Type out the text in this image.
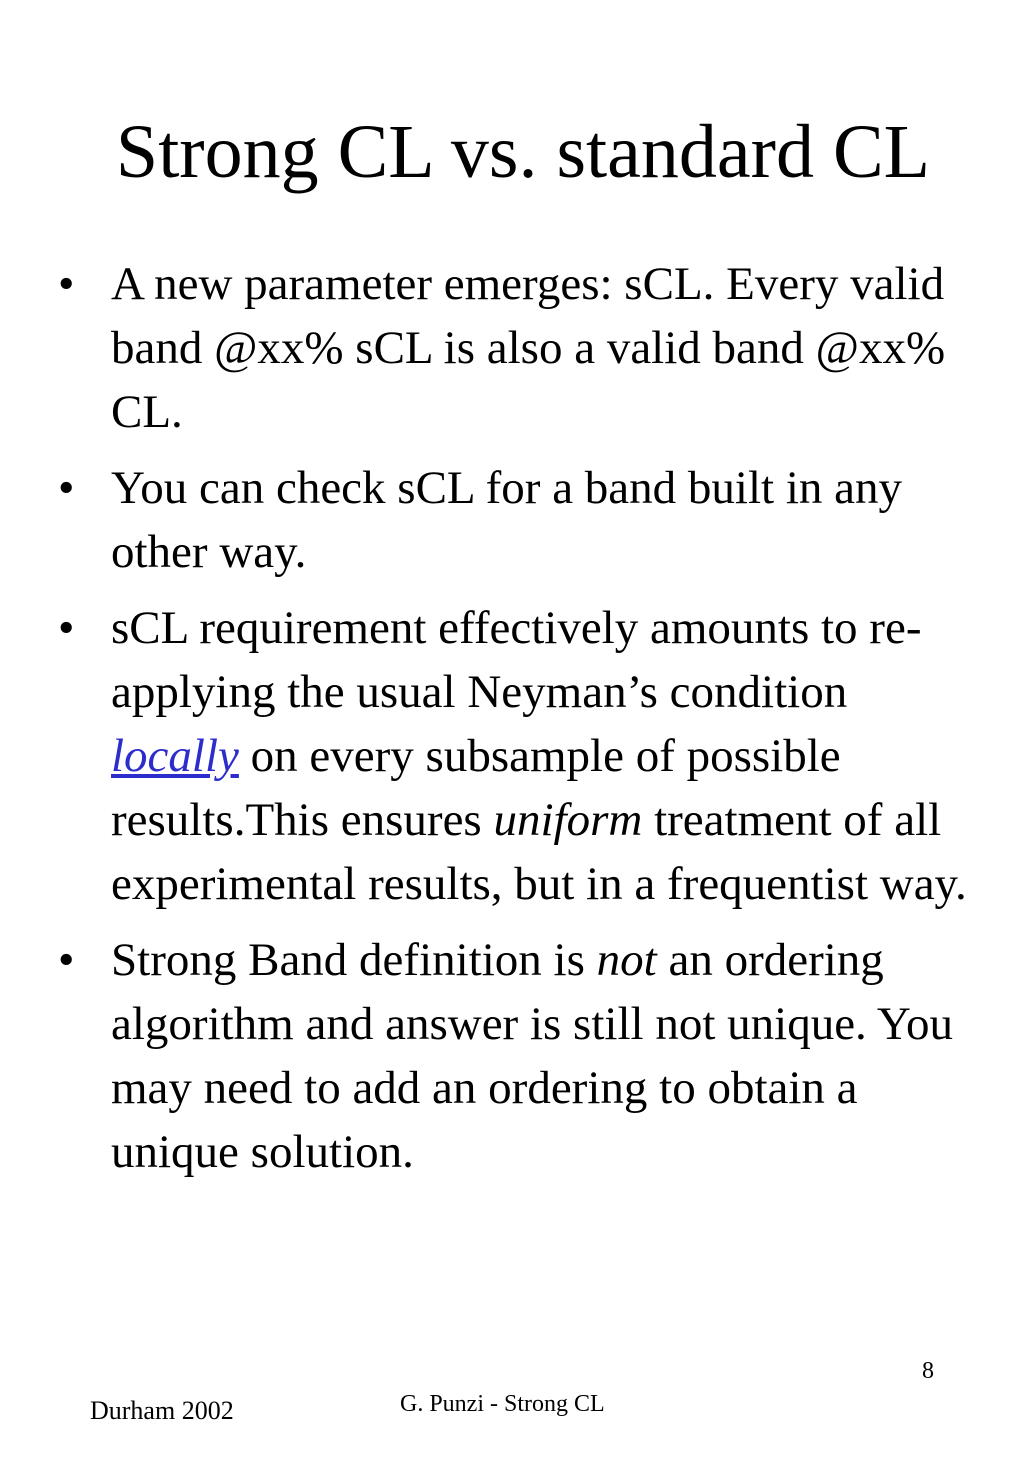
Strong CL vs. standard CL
• A new parameter emerges: sCL. Every valid band @xx% sCL is also a valid band @xx% CL.
• You can check sCL for a band built in any other way.
• sCL requirement effectively amounts to re-applying the usual Neyman’s condition locally on every subsample of possible results.This ensures uniform treatment of all experimental results, but in a frequentist way.
• Strong Band definition is not an ordering algorithm and answer is still not unique. You may need to add an ordering to obtain a unique solution.
8
Durham 2002	G. Punzi - Strong CL
